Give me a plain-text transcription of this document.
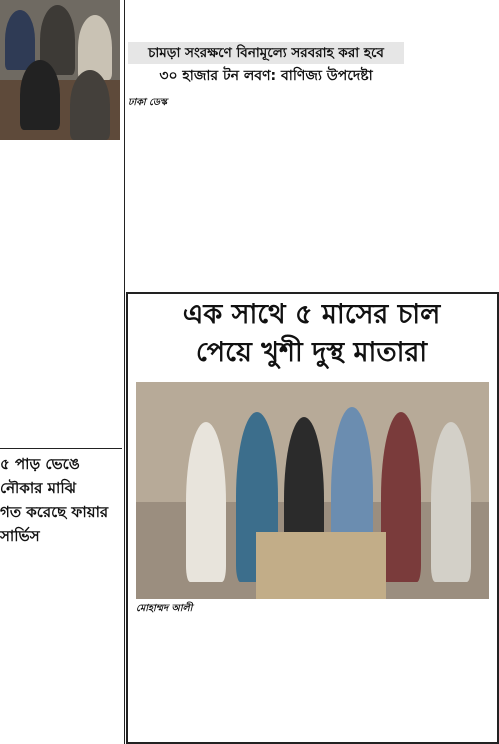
৫ পাড় ভেঙে নৌকার মাঝি
গত করেছে ফায়ার সার্ভিস

চামড়া সংরক্ষণে বিনামূল্যে সরবরাহ করা হবে
৩০ হাজার টন লবণ: বাণিজ্য উপদেষ্টা

ঢাকা ডেস্ক

এক সাথে ৫ মাসের চাল
পেয়ে খুশী দুস্থ মাতারা

মোহাম্মদ আলী
